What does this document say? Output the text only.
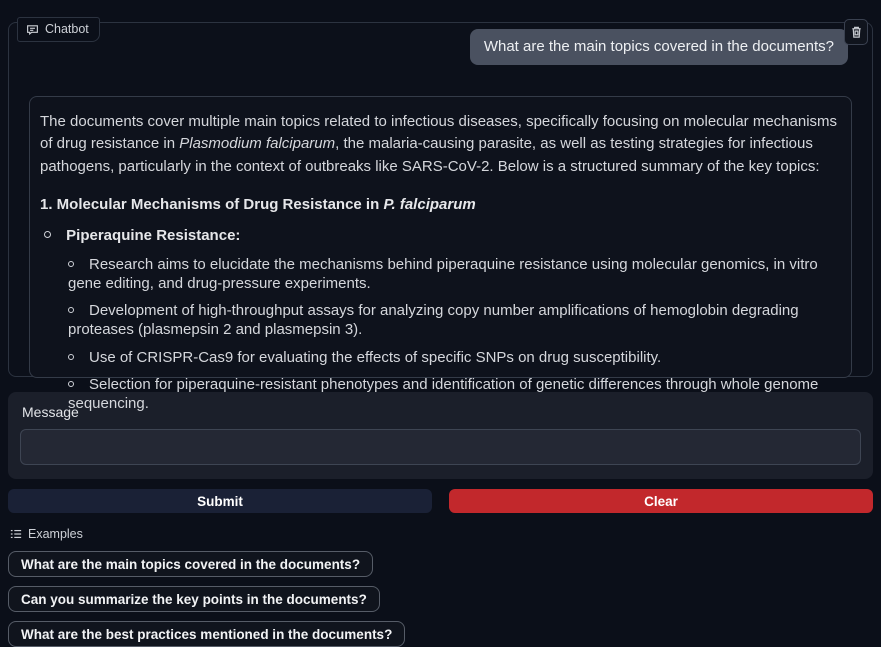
Chatbot
What are the main topics covered in the documents?

The documents cover multiple main topics related to infectious diseases, specifically focusing on molecular mechanisms of drug resistance in Plasmodium falciparum, the malaria-causing parasite, as well as testing strategies for infectious pathogens, particularly in the context of outbreaks like SARS-CoV-2. Below is a structured summary of the key topics:

1. Molecular Mechanisms of Drug Resistance in P. falciparum
Piperaquine Resistance:
Research aims to elucidate the mechanisms behind piperaquine resistance using molecular genomics, in vitro gene editing, and drug-pressure experiments.
Development of high-throughput assays for analyzing copy number amplifications of hemoglobin degrading proteases (plasmepsin 2 and plasmepsin 3).
Use of CRISPR-Cas9 for evaluating the effects of specific SNPs on drug susceptibility.
Selection for piperaquine-resistant phenotypes and identification of genetic differences through whole genome sequencing.
Message
Submit	Clear
Examples
What are the main topics covered in the documents?
Can you summarize the key points in the documents?
What are the best practices mentioned in the documents?
